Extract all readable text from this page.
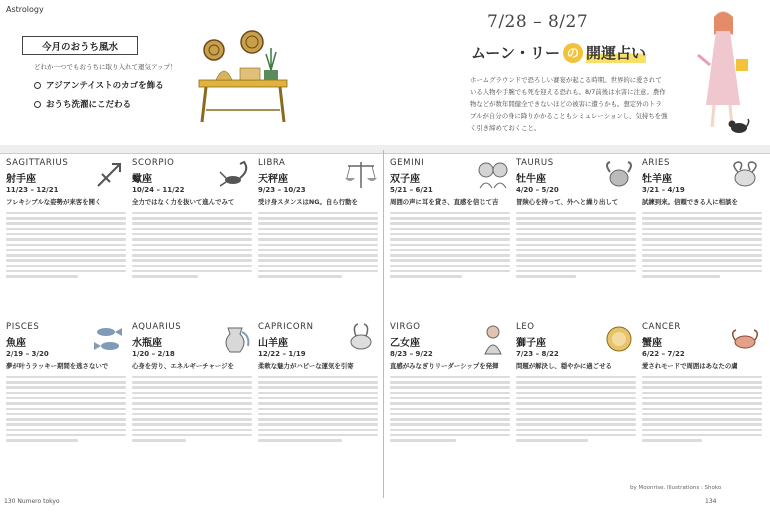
Astrology
今月のおうち風水
どれか一つでもおうちに取り入れて運気アップ！
アジアンテイストのカゴを飾る
おうち洗濯にこだわる
7/28 – 8/27
ムーン・リー の 開運占い
ホームグラウンドで恐ろしい賽宴が起こる時期。世界的に愛されている人物や手腕でも死を迎える恐れも。8/7前後は水害に注意。農作物などが数年間健全できないほどの被害に遭うかも。想定外のトラブルが自分の身に降りかかることもシミュレーションし、気持ちを強く引き締めておくこと。
SAGITTARIUS
射手座
11/23 – 12/21
フレキシブルな姿勢が来客を開く
SCORPIO
蠍座
10/24 – 11/22
全力ではなく力を抜いて進んでみて
LIBRA
天秤座
9/23 – 10/23
受け身スタンスはNG。自ら行動を
GEMINI
双子座
5/21 – 6/21
周囲の声に耳を貸さ、直感を信じて吉
TAURUS
牡牛座
4/20 – 5/20
冒険心を持って、外へと繰り出して
ARIES
牡羊座
3/21 – 4/19
試練到来。信頼できる人に相談を
PISCES
魚座
2/19 – 3/20
夢が叶うラッキー期間を逃さないで
AQUARIUS
水瓶座
1/20 – 2/18
心身を労り、エネルギーチャージを
CAPRICORN
山羊座
12/22 – 1/19
柔軟な魅力がハピーな運気を引寄
VIRGO
乙女座
8/23 – 9/22
直感がみなぎりリーダーシップを発揮
LEO
獅子座
7/23 – 8/22
問題が解決し、穏やかに過ごせる
CANCER
蟹座
6/22 – 7/22
愛されモードで周囲はあなたの虜
by Moonrise. Illustrations : Shoko
130 Numero tokyo	134
